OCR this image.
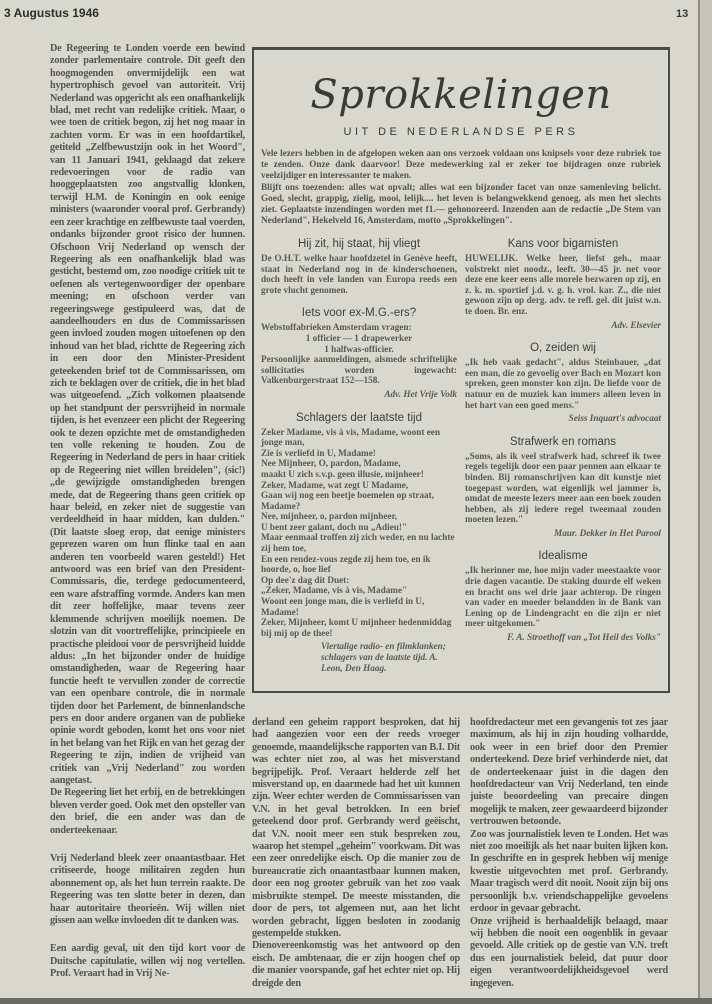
3 Augustus 1946	13

De Regeering te Londen voerde een bewind zonder parlementaire controle. Dit geeft den hoogmogenden onvermijdelijk een wat hypertrophisch gevoel van autoriteit. Vrij Nederland was opgericht als een onafhankelijk blad, met recht van redelijke critiek. Maar, o wee toen de critiek begon, zij het nog maar in zachten vorm. Er was in een hoofdartikel, getiteld „Zelfbewustzijn ook in het Woord", van 11 Januari 1941, geklaagd dat zekere redevoeringen voor de radio van hooggeplaatsten zoo angstvallig klonken, terwijl H.M. de Koningin en ook eenige ministers (waaronder vooral prof. Gerbrandy) een zeer krachtige en zelfbewuste taal voerden, ondanks bijzonder groot risico der hunnen. Ofschoon Vrij Nederland op wensch der Regeering als een onafhankelijk blad was gesticht, bestemd om, zoo noodige critiek uit te oefenen als vertegenwoordiger der openbare meening; en ofschoon verder van regeeringswege gestipuleerd was, dat de aandeelhouders en dus de Commissarissen geen invloed zouden mogen uitoefenen op den inhoud van het blad, richtte de Regeering zich in een door den Minister-President geteekenden brief tot de Commissarissen, om zich te beklagen over de critiek, die in het blad was uitgeoefend. „Zich volkomen plaatsende op het standpunt der persvrijheid in normale tijden, is het evenzeer een plicht der Regeering ook te dezen opzichte met de omstandigheden ten volle rekening te houden. Zou de Regeering in Nederland de pers in haar critiek op de Regeering niet willen breidelen", (sic!) „de gewijzigde omstandigheden brengen mede, dat de Regeering thans geen critiek op haar beleid, en zeker niet de suggestie van verdeeldheid in haar midden, kan dulden." (Dit laatste sloeg erop, dat eenige ministers geprezen waren om hun flinke taal en aan anderen ten voorbeeld waren gesteld!) Het antwoord was een brief van den President-Commissaris, die, terdege gedocumenteerd, een ware afstraffing vormde. Anders kan men dit zeer hoffelijke, maar tevens zeer klemmende schrijven moeilijk noemen. De slotzin van dit voortreffelijke, principieele en practische pleidooi voor de persvrijheid luidde aldus: „In het bijzonder onder de huidige omstandigheden, waar de Regeering haar functie heeft te vervullen zonder de correctie van een openbare controle, die in normale tijden door het Parlement, de binnenlandsche pers en door andere organen van de publieke opinie wordt geboden, komt het ons voor niet in het belang van het Rijk en van het gezag der Regeering te zijn, indien de vrijheid van critiek van „Vrij Nederland" zou worden aangetast.

De Regeering liet het erbij, en de betrekkingen bleven verder goed. Ook met den opsteller van den brief, die een ander was dan de onderteekenaar.

Vrij Nederland bleek zeer onaantastbaar. Het critiseerde, hooge militairen zegden hun abonnement op, als het hun terrein raakte. De Regeering was ten slotte beter in dezen, dan haar autoritaire theorieën. Wij willen niet gissen aan welke invloeden dit te danken was.

Een aardig geval, uit den tijd kort voor de Duitsche capitulatie, willen wij nog vertellen. Prof. Veraart had in Vrij Ne-

Sprokkelingen
UIT DE NEDERLANDSE PERS

Vele lezers hebben in de afgelopen weken aan ons verzoek voldaan ons knipsels voor deze rubriek toe te zenden. Onze dank daarvoor! Deze medewerking zal er zeker toe bijdragen onze rubriek veelzijdiger en interessanter te maken.

Blijft ons toezenden: alles wat opvalt; alles wat een bijzonder facet van onze samenleving belicht. Goed, slecht, grappig, zielig, mooi, lelijk.... het leven is belangwekkend genoeg, als men het slechts ziet. Geplaatste inzendingen worden met f1.— gehonoreerd. Inzenden aan de redactie „De Stem van Nederland", Hekelveld 16, Amsterdam, motto „Sprokkelingen".

Hij zit, hij staat, hij vliegt

De O.H.T. welke haar hoofdzetel in Genève heeft, staat in Nederland nog in de kinderschoenen, doch heeft in vele landen van Europa reeds een grote vlucht genomen.

Iets voor ex-M.G.-ers?

Webstoffabrieken Amsterdam vragen:

1 officier — 1 drapewerker

1 halfwas-officier.

Persoonlijke aanmeldingen, alsmede schriftelijke sollicitaties worden ingewacht: Valkenburgerstraat 152—158.

Adv. Het Vrije Volk

Schlagers der laatste tijd

Zeker Madame, vis à vis, Madame, woont een jonge man,

Zie is verliefd in U, Madame!

Nee Mijnheer, O, pardon, Madame,

maakt U zich s.v.p. geen illusie, mijnheer!

Zeker, Madame, wat zegt U Madame,

Gaan wij nog een beetje boemelen op straat, Madame?

Nee, mijnheer, o, pardon mijnheer,

U bent zeer galant, doch nu „Adieu!"

Maar eenmaal troffen zij zich weder, en nu lachte zij hem toe,

En een rendez-vous zegde zij hem toe, en ik hoorde, o, hoe lief

Op dee'z dag dit Duet:

„Zeker, Madame, vis à vis, Madame"

Woont een jonge man, die is verliefd in U, Madame!

Zeker, Mijnheer, komt U mijnheer hedenmiddag bij mij op de thee!

Viertalige radio- en filmklanken; schlagers van de laatste tijd. A. Leon, Den Haag.

Kans voor bigamisten

HUWELIJK. Welke heer, liefst geh., maar volstrekt niet noodz., leeft. 30—45 jr. net voor deze ene keer eens alle morele bezwaren op zij, en z. k. m. sportief j.d. v. g. h. vrol. kar. Z., die niet gewoon zijn op derg. adv. te refl. gel. dit juist w.n. te doen. Br. enz.

Adv. Elsevier

O, zeiden wij

„Ik heb vaak gedacht", aldus Steinbauer, „dat een man, die zo gevoelig over Bach en Mozart kon spreken, geen monster kon zijn. De liefde voor de natuur en de muziek kan immers alleen leven in het hart van een goed mens."

Seiss Inquart's advocaat

Strafwerk en romans

„Soms, als ik veel strafwerk had, schreef ik twee regels tegelijk door een paar pennen aan elkaar te binden. Bij romanschrijven kan dit kunstje niet toegepast worden, wat eigenlijk wel jammer is, omdat de meeste lezers meer aan een boek zouden hebben, als zij iedere regel tweemaal zouden moeten lezen."

Maur. Dekker in Het Parool

Idealisme

„Ik herinner me, hoe mijn vader meestaakte voor drie dagen vacantie. De staking duurde elf weken en bracht ons wel drie jaar achterop. De ringen van vader en moeder belandden in de Bank van Lening op de Lindengracht en die zijn er niet meer uitgekomen."

F. A. Stroethoff van „Tot Heil des Volks"

derland een geheim rapport besproken, dat hij had aangezien voor een der reeds vroeger genoemde, maandelijksche rapporten van B.I. Dit was echter niet zoo, al was het misverstand begrijpelijk. Prof. Veraart helderde zelf het misverstand op, en daarmede had het uit kunnen zijn. Weer echter werden de Commissarissen van V.N. in het geval betrokken. In een brief geteekend door prof. Gerbrandy werd geëischt, dat V.N. nooit meer een stuk bespreken zou, waarop het stempel „geheim" voorkwam. Dit was een zeer onredelijke eisch. Op die manier zou de bureaucratie zich onaantastbaar kunnen maken, door een nog grooter gebruik van het zoo vaak misbruikte stempel. De meeste misstanden, die door de pers, tot algemeen nut, aan het licht worden gebracht, liggen besloten in zoodanig gestempelde stukken.

Dienovereenkomstig was het antwoord op den eisch. De ambtenaar, die er zijn hoogen chef op die manier voorspande, gaf het echter niet op. Hij dreigde den

hoofdredacteur met een gevangenis tot zes jaar maximum, als hij in zijn houding volhardde, ook weer in een brief door den Premier onderteekend. Deze brief verhinderde niet, dat de onderteekenaar juist in die dagen den hoofdredacteur van Vrij Nederland, ten einde juiste beoordeeling van precaire dingen mogelijk te maken, zeer gewaardeerd bijzonder vertrouwen betoonde.

Zoo was journalistiek leven te Londen. Het was niet zoo moeilijk als het naar buiten lijken kon. In geschrifte en in gesprek hebben wij menige kwestie uitgevochten met prof. Gerbrandy. Maar tragisch werd dit nooit. Nooit zijn bij ons persoonlijk b.v. vriendschappelijke gevoelens erdoor in gevaar gebracht.

Onze vrijheid is herhaaldelijk belaagd, maar wij hebben die nooit een oogenblik in gevaar gevoeld. Alle critiek op de gestie van V.N. treft dus een journalistiek beleid, dat puur door eigen verantwoordelijkheidsgevoel werd ingegeven.
